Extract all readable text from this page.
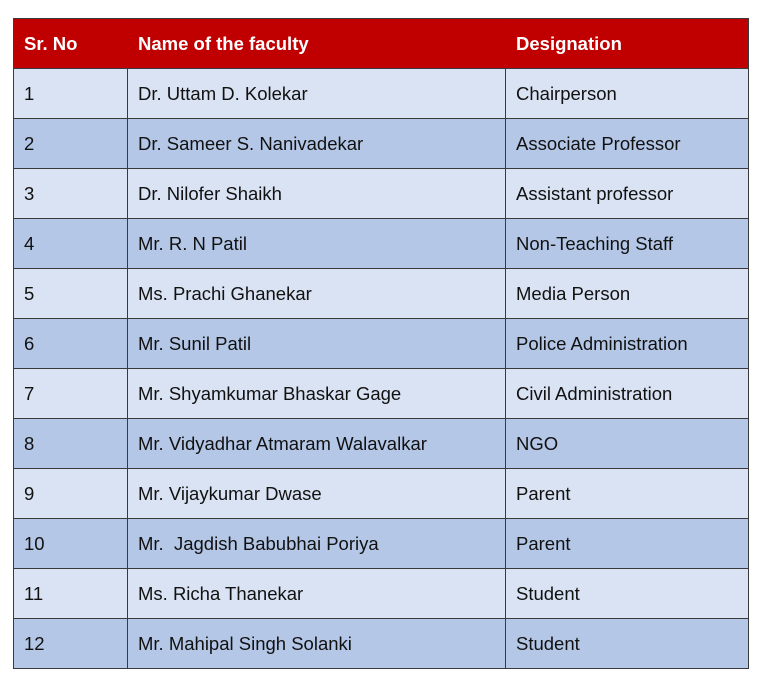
Sr. No	Name of the faculty	Designation
1	Dr. Uttam D. Kolekar	Chairperson
2	Dr. Sameer S. Nanivadekar	Associate Professor
3	Dr. Nilofer Shaikh	Assistant professor
4	Mr. R. N Patil	Non-Teaching Staff
5	Ms. Prachi Ghanekar	Media Person
6	Mr. Sunil Patil	Police Administration
7	Mr. Shyamkumar Bhaskar Gage	Civil Administration
8	Mr. Vidyadhar Atmaram Walavalkar	NGO
9	Mr. Vijaykumar Dwase	Parent
10	Mr.  Jagdish Babubhai Poriya	Parent
11	Ms. Richa Thanekar	Student
12	Mr. Mahipal Singh Solanki	Student
